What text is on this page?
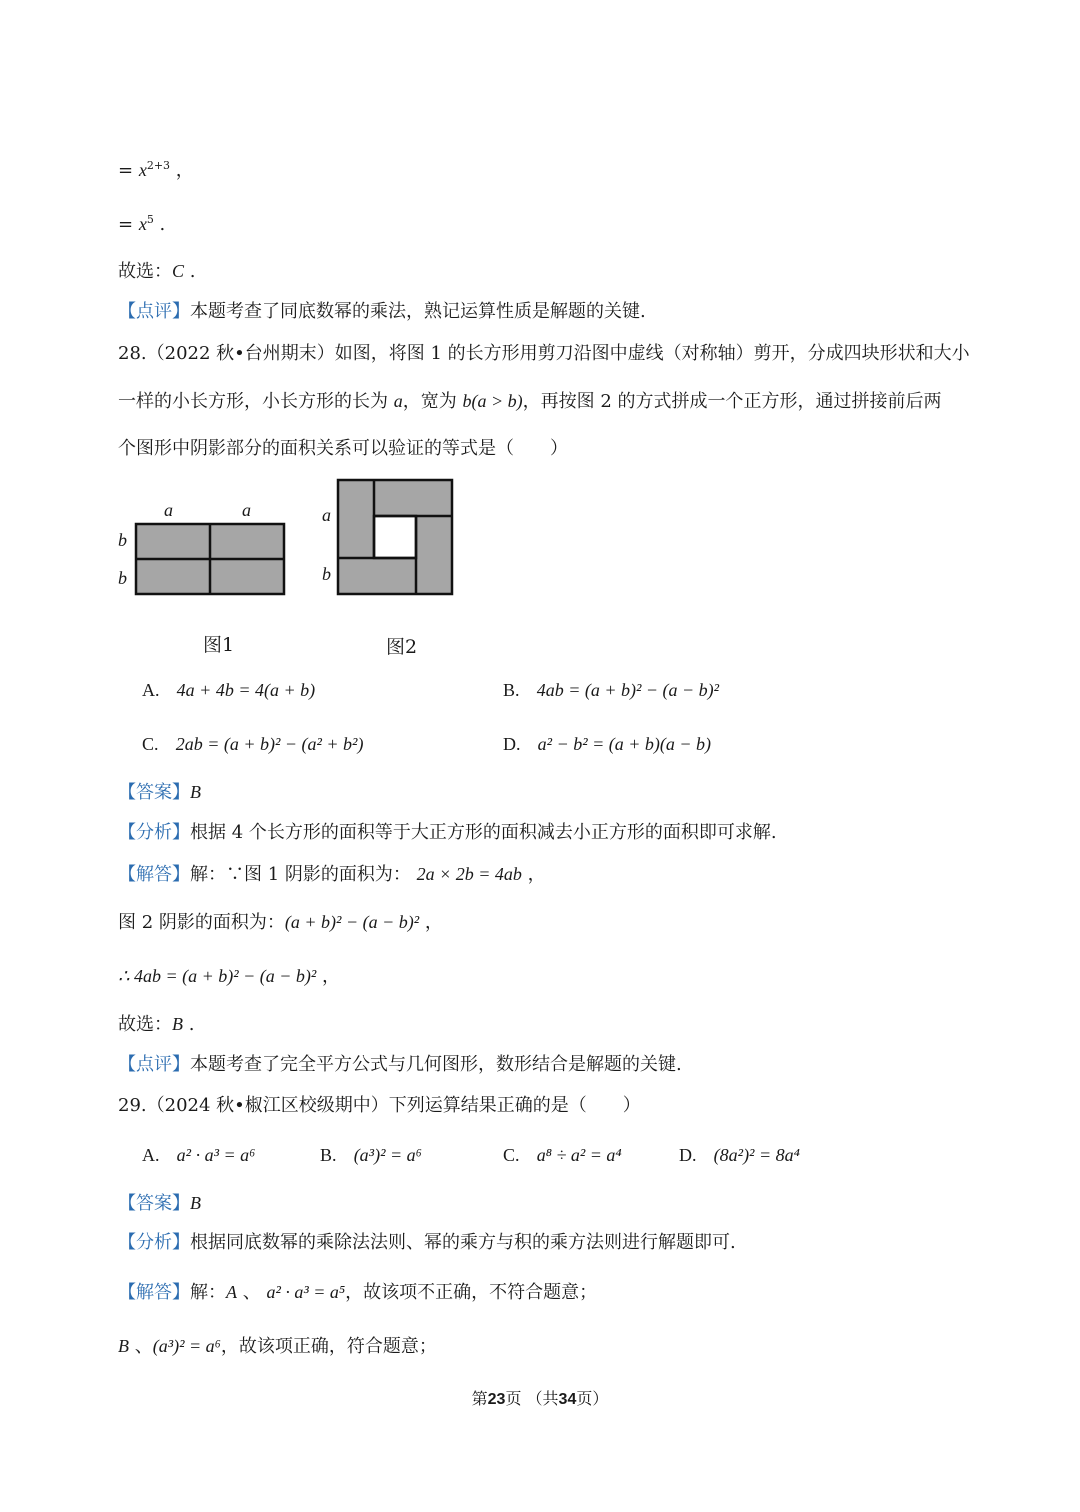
= $x^{2+3}$ ，
= $x^5$ .
故选：C .
【点评】本题考查了同底数幂的乘法，熟记运算性质是解题的关键.
28.（2022 秋•台州期末）如图，将图 1 的长方形用剪刀沿图中虚线（对称轴）剪开，分成四块形状和大小
一样的小长方形，小长方形的长为 a，宽为 b(a > b)，再按图 2 的方式拼成一个正方形，通过拼接前后两
个图形中阴影部分的面积关系可以验证的等式是（　　）
a	a
b
b
图1
a
b
图2
A. 4a + 4b = 4(a + b)	B. 4ab = (a + b)² − (a − b)²
C. 2ab = (a + b)² − (a² + b²)	D. a² − b² = (a + b)(a − b)
【答案】B
【分析】根据 4 个长方形的面积等于大正方形的面积减去小正方形的面积即可求解.
【解答】解：∵图 1 阴影的面积为： 2a × 2b = 4ab ，
图 2 阴影的面积为：(a + b)² − (a − b)² ，
∴ 4ab = (a + b)² − (a − b)² ，
故选：B .
【点评】本题考查了完全平方公式与几何图形，数形结合是解题的关键.
29.（2024 秋•椒江区校级期中）下列运算结果正确的是（　　）
A. a² · a³ = a⁶	B. (a³)² = a⁶	C. a⁸ ÷ a² = a⁴	D. (8a²)² = 8a⁴
【答案】B
【分析】根据同底数幂的乘除法法则、幂的乘方与积的乘方法则进行解题即可.
【解答】解：A 、 a² · a³ = a⁵，故该项不正确，不符合题意；
B 、(a³)² = a⁶，故该项正确，符合题意；
第23页 （共34页）
